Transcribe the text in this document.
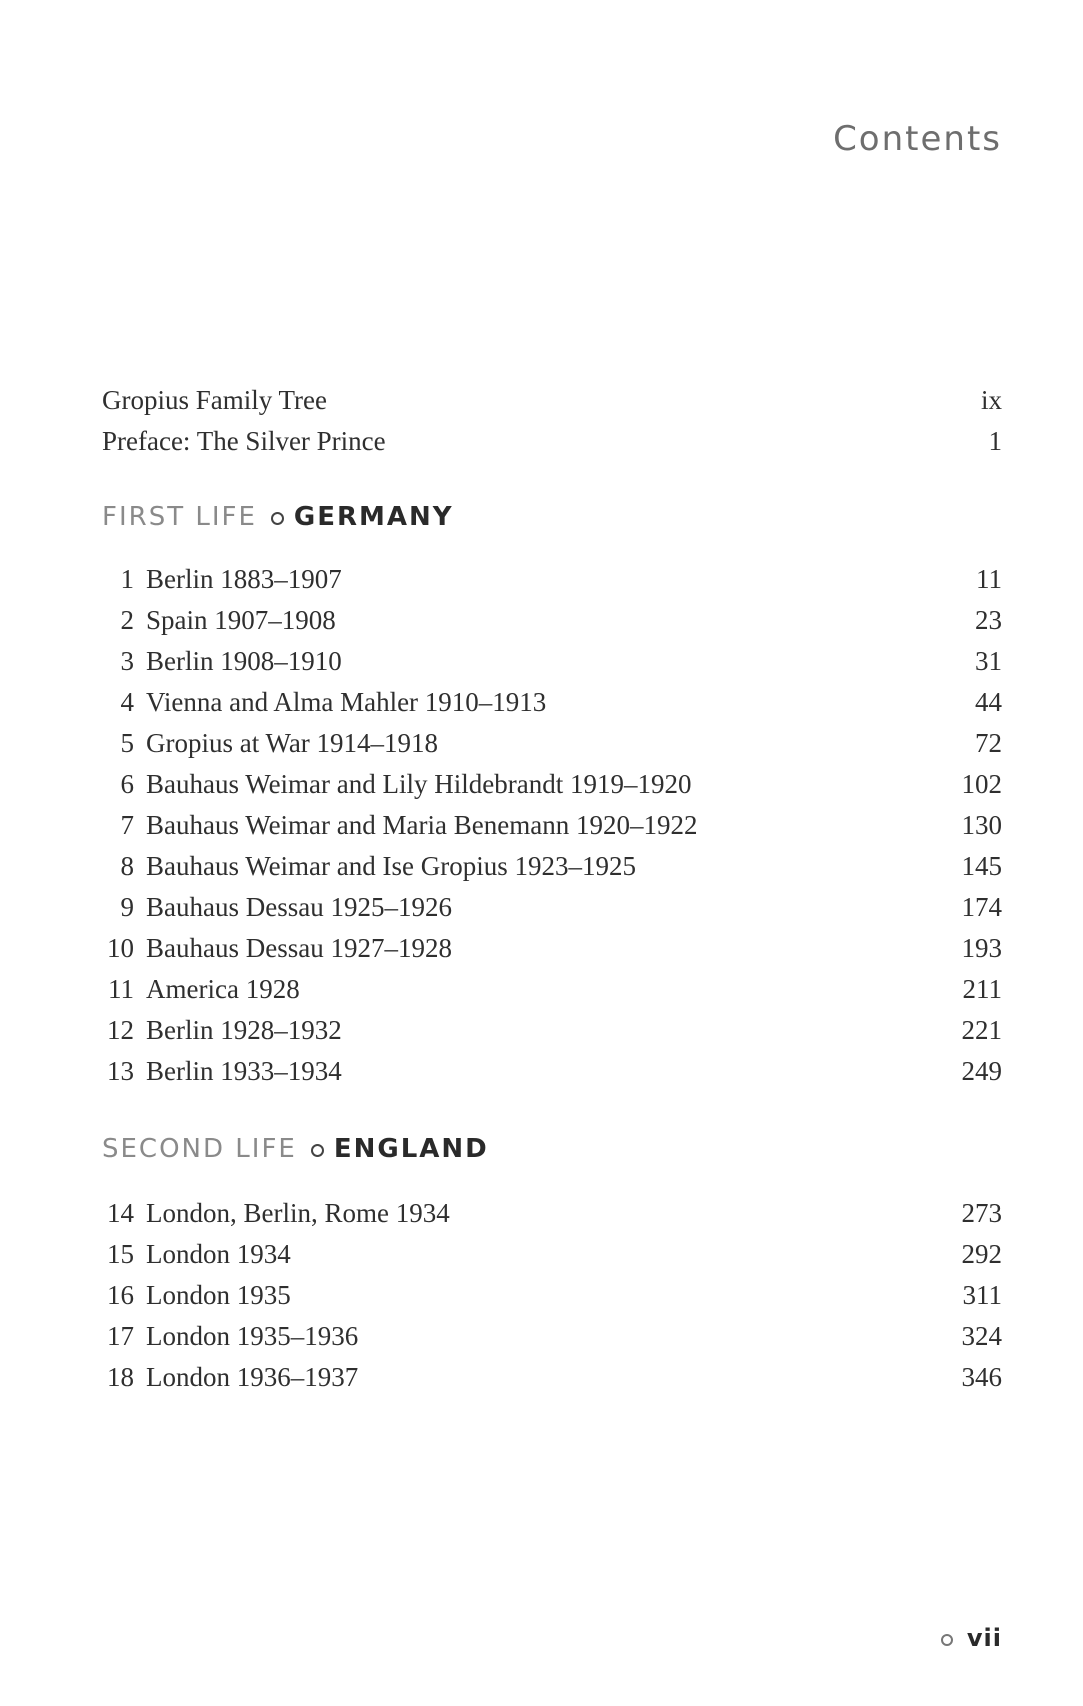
Contents
Gropius Family Tree	ix
Preface: The Silver Prince	1
FIRST LIFE GERMANY
1 Berlin 1883–1907	11
2 Spain 1907–1908	23
3 Berlin 1908–1910	31
4 Vienna and Alma Mahler 1910–1913	44
5 Gropius at War 1914–1918	72
6 Bauhaus Weimar and Lily Hildebrandt 1919–1920	102
7 Bauhaus Weimar and Maria Benemann 1920–1922	130
8 Bauhaus Weimar and Ise Gropius 1923–1925	145
9 Bauhaus Dessau 1925–1926	174
10 Bauhaus Dessau 1927–1928	193
11 America 1928	211
12 Berlin 1928–1932	221
13 Berlin 1933–1934	249
SECOND LIFE ENGLAND
14 London, Berlin, Rome 1934	273
15 London 1934	292
16 London 1935	311
17 London 1935–1936	324
18 London 1936–1937	346
vii
